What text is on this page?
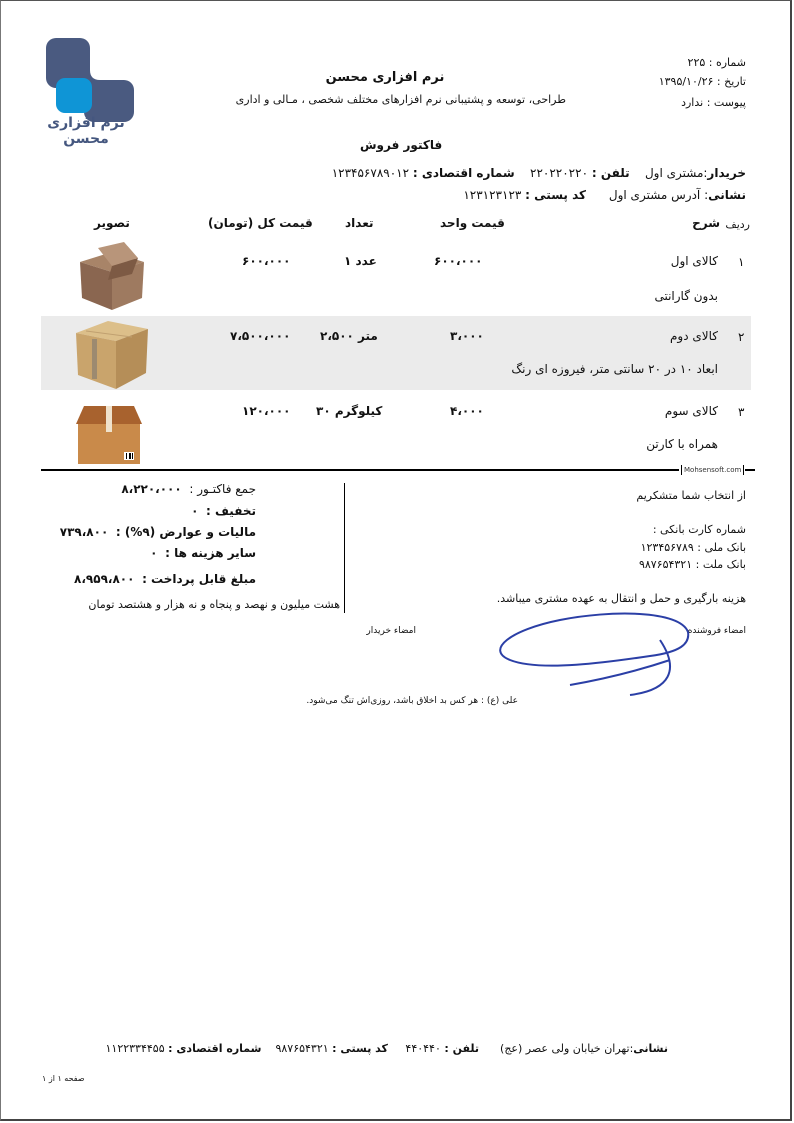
نرم افزاری محسن
نرم افزاری محسن
طراحی، توسعه و پشتیبانی نرم افزارهای مختلف شخصی ، مـالی و اداری
شماره : ۲۲۵
تاریخ : ۱۳۹۵/۱۰/۲۶
پیوست : ندارد
فاکتور فروش
خریدار:مشتری اول    تلفن : ۲۲۰۲۲۰۲۲۰    شماره اقتصادی : ۱۲۳۴۵۶۷۸۹۰۱۲
نشانی: آدرس مشتری اول      کد پستی : ۱۲۳۱۲۳۱۲۳
ردیف
شرح
قیمت واحد
تعداد
قیمت کل (تومان)
تصویر
۱
کالای اول
بدون گارانتی
۶۰۰،۰۰۰
۱ عدد
۶۰۰،۰۰۰
۲
کالای دوم
ابعاد ۱۰ در ۲۰ سانتی متر، فیروزه ای رنگ
۳،۰۰۰
۲،۵۰۰ متر
۷،۵۰۰،۰۰۰
۳
کالای سوم
همراه با کارتن
۴،۰۰۰
۳۰ کیلوگرم
۱۲۰،۰۰۰
Mohsensoft.com
جمع فاکتـور :  ۸،۲۲۰،۰۰۰
تخفیف :  ۰
مالیات و عوارض (۹%) :  ۷۳۹،۸۰۰
سایر هزینه ها :  ۰
مبلغ قابل پرداخت :  ۸،۹۵۹،۸۰۰
هشت میلیون و نهصد و پنجاه و نه هزار و هشتصد تومان
از انتخاب شما متشکریم
شماره کارت بانکی :
بانک ملی : ۱۲۳۴۵۶۷۸۹
بانک ملت : ۹۸۷۶۵۴۳۲۱
هزینه بارگیری و حمل و انتقال به عهده مشتری میباشد.
امضاء فروشنده
امضاء خریدار
علی (ع) : هر کس بد اخلاق باشد، روزی‌اش تنگ می‌شود.
نشانی:تهران خیابان ولی عصر (عج)      تلفن : ۴۴۰۴۴۰     کد پستی : ۹۸۷۶۵۴۳۲۱    شماره اقتصادی : ۱۱۲۲۳۳۴۴۵۵
صفحه ۱ از ۱
